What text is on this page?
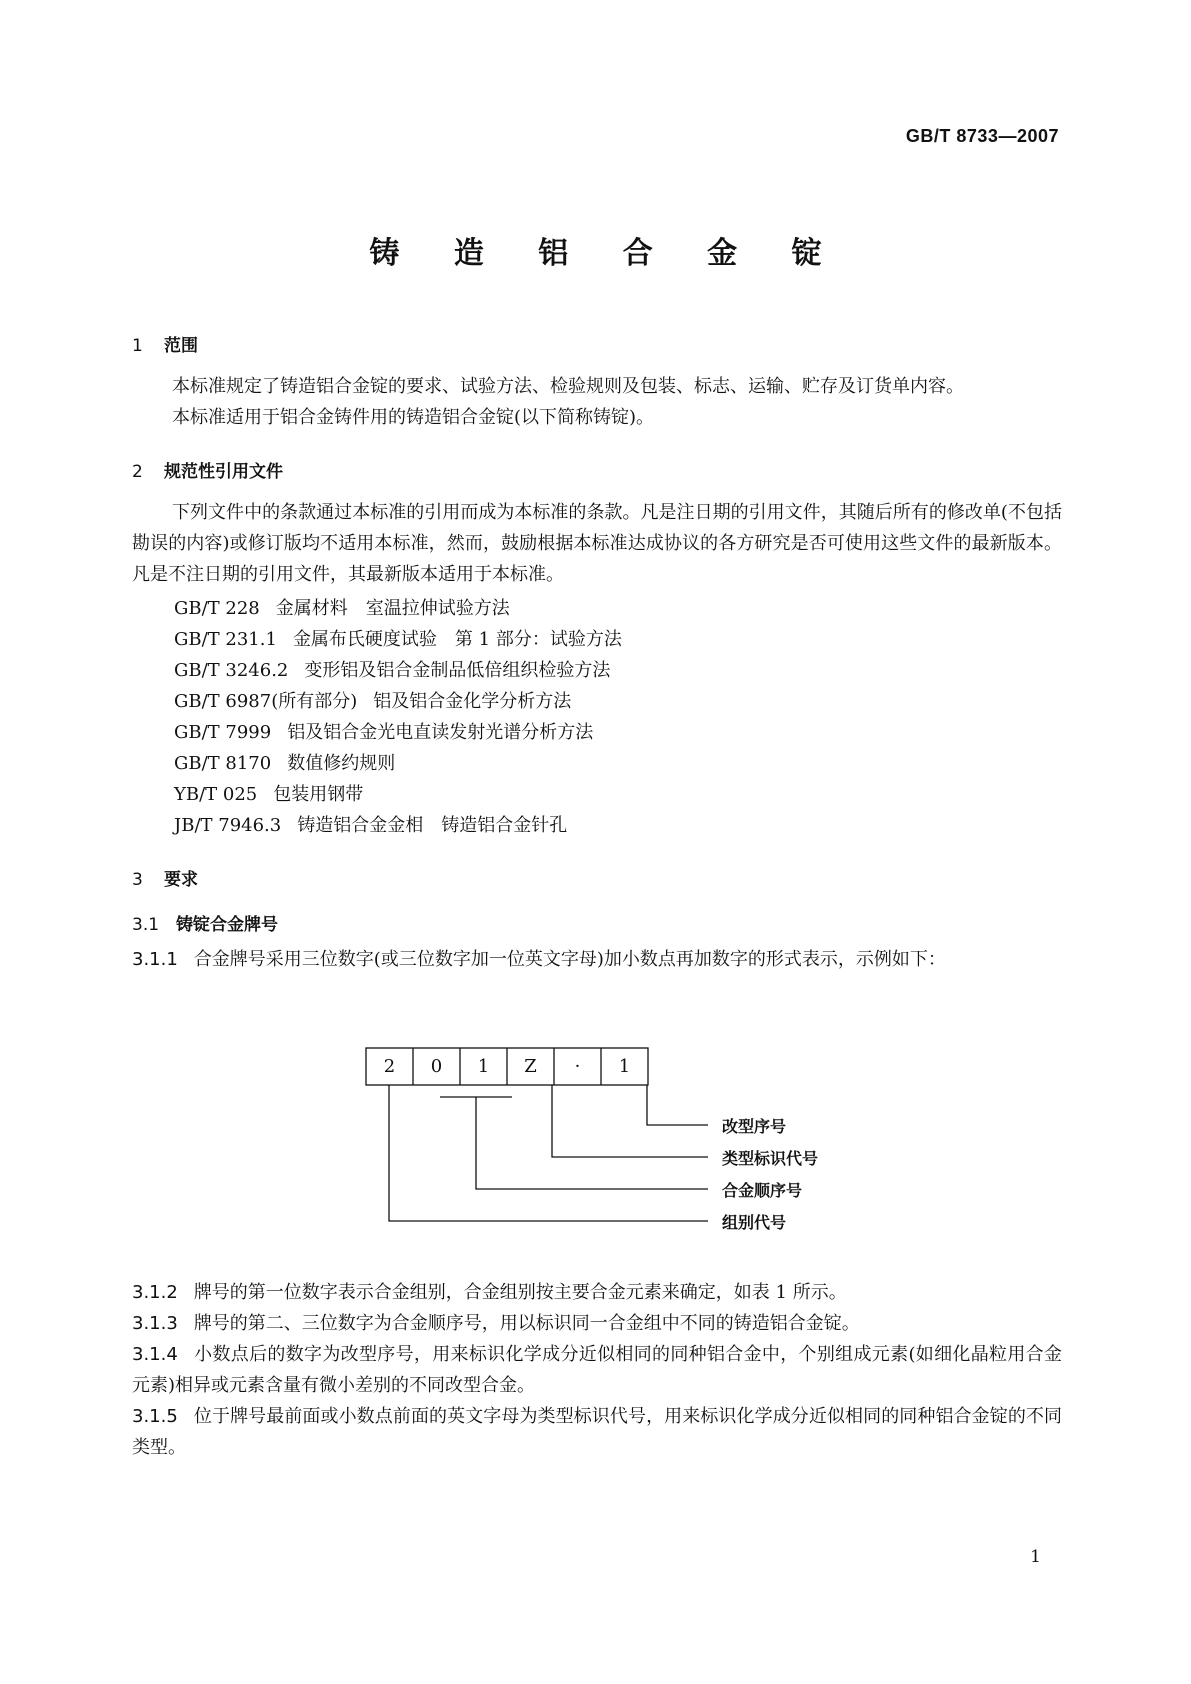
GB/T 8733—2007
铸 造 铝 合 金 锭
1 范围
本标准规定了铸造铝合金锭的要求、试验方法、检验规则及包装、标志、运输、贮存及订货单内容。
本标准适用于铝合金铸件用的铸造铝合金锭(以下简称铸锭)。
2 规范性引用文件
下列文件中的条款通过本标准的引用而成为本标准的条款。凡是注日期的引用文件，其随后所有的修改单(不包括勘误的内容)或修订版均不适用本标准，然而，鼓励根据本标准达成协议的各方研究是否可使用这些文件的最新版本。凡是不注日期的引用文件，其最新版本适用于本标准。
GB/T 228 金属材料　室温拉伸试验方法
GB/T 231.1 金属布氏硬度试验　第 1 部分：试验方法
GB/T 3246.2 变形铝及铝合金制品低倍组织检验方法
GB/T 6987(所有部分) 铝及铝合金化学分析方法
GB/T 7999 铝及铝合金光电直读发射光谱分析方法
GB/T 8170 数值修约规则
YB/T 025 包装用钢带
JB/T 7946.3 铸造铝合金金相　铸造铝合金针孔
3 要求
3.1 铸锭合金牌号
3.1.1 合金牌号采用三位数字(或三位数字加一位英文字母)加小数点再加数字的形式表示，示例如下：
2	0	1	Z	·	1
改型序号
类型标识代号
合金顺序号
组别代号
3.1.2 牌号的第一位数字表示合金组别，合金组别按主要合金元素来确定，如表 1 所示。
3.1.3 牌号的第二、三位数字为合金顺序号，用以标识同一合金组中不同的铸造铝合金锭。
3.1.4 小数点后的数字为改型序号，用来标识化学成分近似相同的同种铝合金中，个别组成元素(如细化晶粒用合金元素)相异或元素含量有微小差别的不同改型合金。
3.1.5 位于牌号最前面或小数点前面的英文字母为类型标识代号，用来标识化学成分近似相同的同种铝合金锭的不同类型。
1
